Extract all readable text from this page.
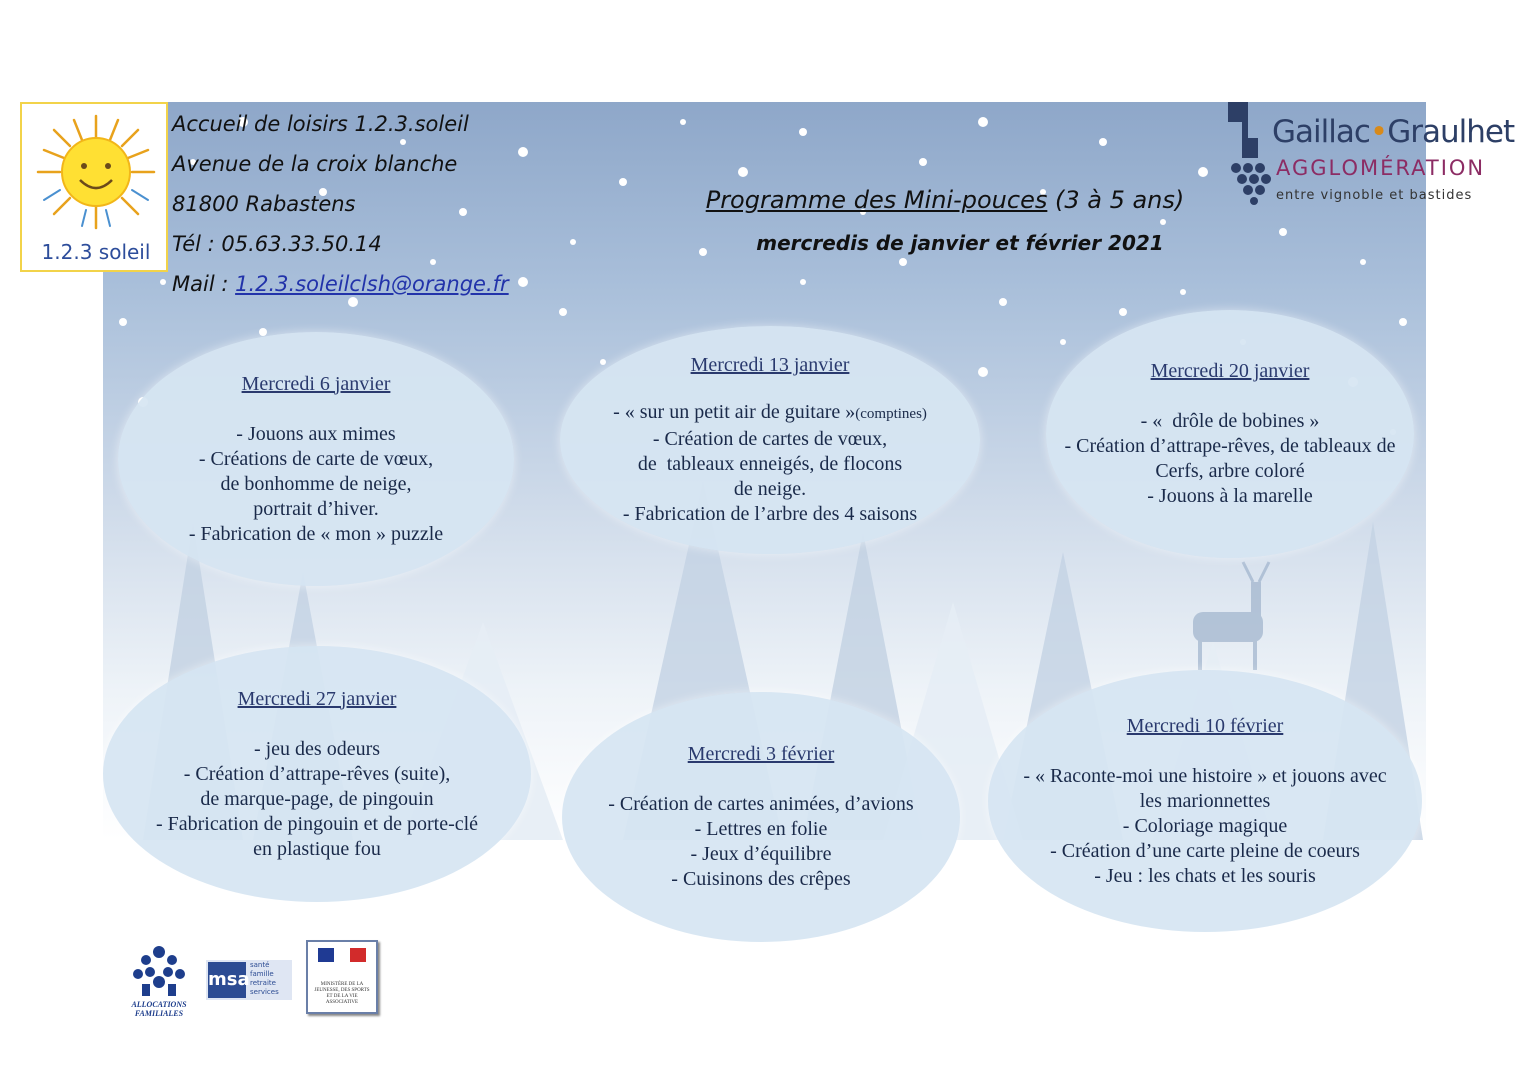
1.2.3 soleil
Accueil de loisirs 1.2.3.soleil
Avenue de la croix blanche
81800 Rabastens
Tél : 05.63.33.50.14
Mail : 1.2.3.soleilclsh@orange.fr
Programme des Mini-pouces (3 à 5 ans)
mercredis de janvier et février 2021
Gaillac•Graulhet
AGGLOMÉRATION
entre vignoble et bastides
Mercredi 6 janvier
- Jouons aux mimes
- Créations de carte de vœux,
de bonhomme de neige,
portrait d’hiver.
- Fabrication de « mon » puzzle
Mercredi 13 janvier
- « sur un petit air de guitare »(comptines)
- Création de cartes de vœux,
de  tableaux enneigés, de flocons
de neige.
- Fabrication de l’arbre des 4 saisons
Mercredi 20 janvier
- «  drôle de bobines »
- Création d’attrape-rêves, de tableaux de
Cerfs, arbre coloré
- Jouons à la marelle
Mercredi 27 janvier
- jeu des odeurs
- Création d’attrape-rêves (suite),
de marque-page, de pingouin
- Fabrication de pingouin et de porte-clé
en plastique fou
Mercredi 3 février
- Création de cartes animées, d’avions
- Lettres en folie
- Jeux d’équilibre
- Cuisinons des crêpes
Mercredi 10 février
- « Raconte-moi une histoire » et jouons avec
les marionnettes
- Coloriage magique
- Création d’une carte pleine de coeurs
- Jeu : les chats et les souris
ALLOCATIONS FAMILIALES
msa
santé
famille
retraite
services
MINISTÈRE DE LA JEUNESSE, DES SPORTS ET DE LA VIE ASSOCIATIVE
